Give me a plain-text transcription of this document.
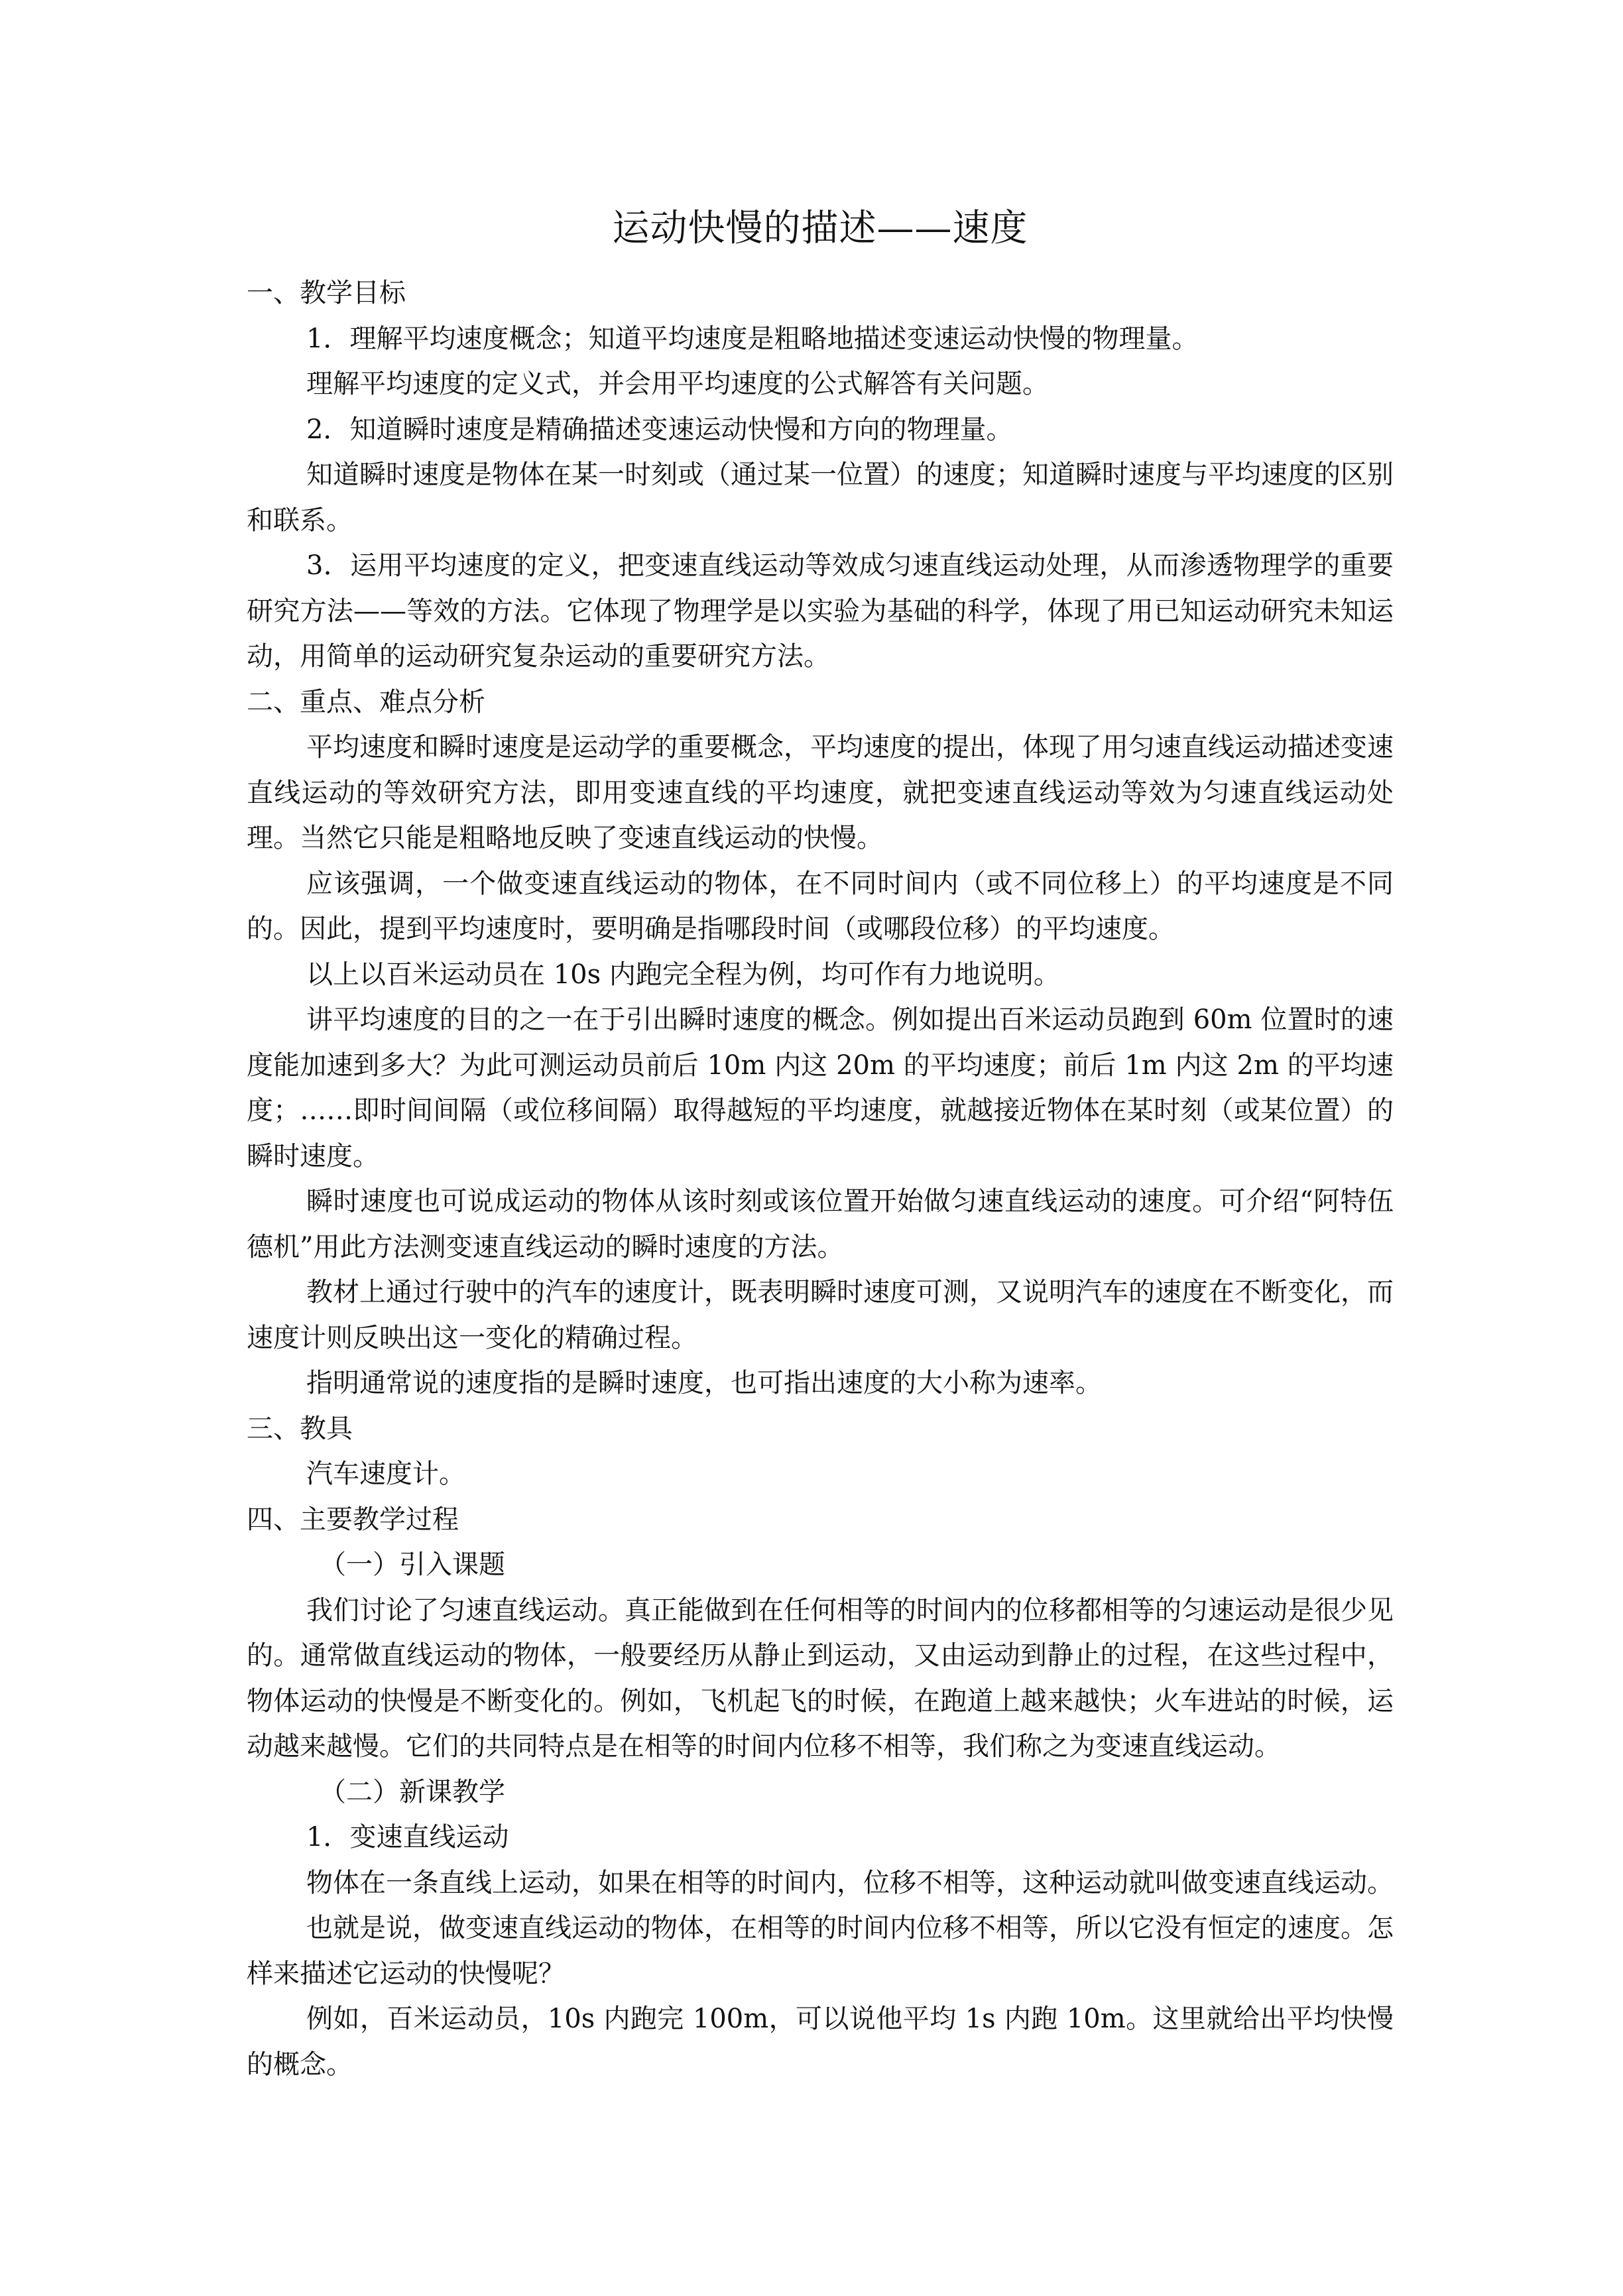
运动快慢的描述——速度

一、教学目标

1．理解平均速度概念；知道平均速度是粗略地描述变速运动快慢的物理量。

理解平均速度的定义式，并会用平均速度的公式解答有关问题。

2．知道瞬时速度是精确描述变速运动快慢和方向的物理量。

知道瞬时速度是物体在某一时刻或（通过某一位置）的速度；知道瞬时速度与平均速度的区别和联系。

3．运用平均速度的定义，把变速直线运动等效成匀速直线运动处理，从而渗透物理学的重要研究方法——等效的方法。它体现了物理学是以实验为基础的科学，体现了用已知运动研究未知运动，用简单的运动研究复杂运动的重要研究方法。

二、重点、难点分析

平均速度和瞬时速度是运动学的重要概念，平均速度的提出，体现了用匀速直线运动描述变速直线运动的等效研究方法，即用变速直线的平均速度，就把变速直线运动等效为匀速直线运动处理。当然它只能是粗略地反映了变速直线运动的快慢。

应该强调，一个做变速直线运动的物体，在不同时间内（或不同位移上）的平均速度是不同的。因此，提到平均速度时，要明确是指哪段时间（或哪段位移）的平均速度。

以上以百米运动员在 10s 内跑完全程为例，均可作有力地说明。

讲平均速度的目的之一在于引出瞬时速度的概念。例如提出百米运动员跑到 60m 位置时的速度能加速到多大？为此可测运动员前后 10m 内这 20m 的平均速度；前后 1m 内这 2m 的平均速度；……即时间间隔（或位移间隔）取得越短的平均速度，就越接近物体在某时刻（或某位置）的瞬时速度。

瞬时速度也可说成运动的物体从该时刻或该位置开始做匀速直线运动的速度。可介绍“阿特伍德机”用此方法测变速直线运动的瞬时速度的方法。

教材上通过行驶中的汽车的速度计，既表明瞬时速度可测，又说明汽车的速度在不断变化，而速度计则反映出这一变化的精确过程。

指明通常说的速度指的是瞬时速度，也可指出速度的大小称为速率。

三、教具

汽车速度计。

四、主要教学过程

（一）引入课题

我们讨论了匀速直线运动。真正能做到在任何相等的时间内的位移都相等的匀速运动是很少见的。通常做直线运动的物体，一般要经历从静止到运动，又由运动到静止的过程，在这些过程中，物体运动的快慢是不断变化的。例如，飞机起飞的时候，在跑道上越来越快；火车进站的时候，运动越来越慢。它们的共同特点是在相等的时间内位移不相等，我们称之为变速直线运动。

（二）新课教学

1．变速直线运动

物体在一条直线上运动，如果在相等的时间内，位移不相等，这种运动就叫做变速直线运动。

也就是说，做变速直线运动的物体，在相等的时间内位移不相等，所以它没有恒定的速度。怎样来描述它运动的快慢呢？

例如，百米运动员，10s 内跑完 100m，可以说他平均 1s 内跑 10m。这里就给出平均快慢的概念。
